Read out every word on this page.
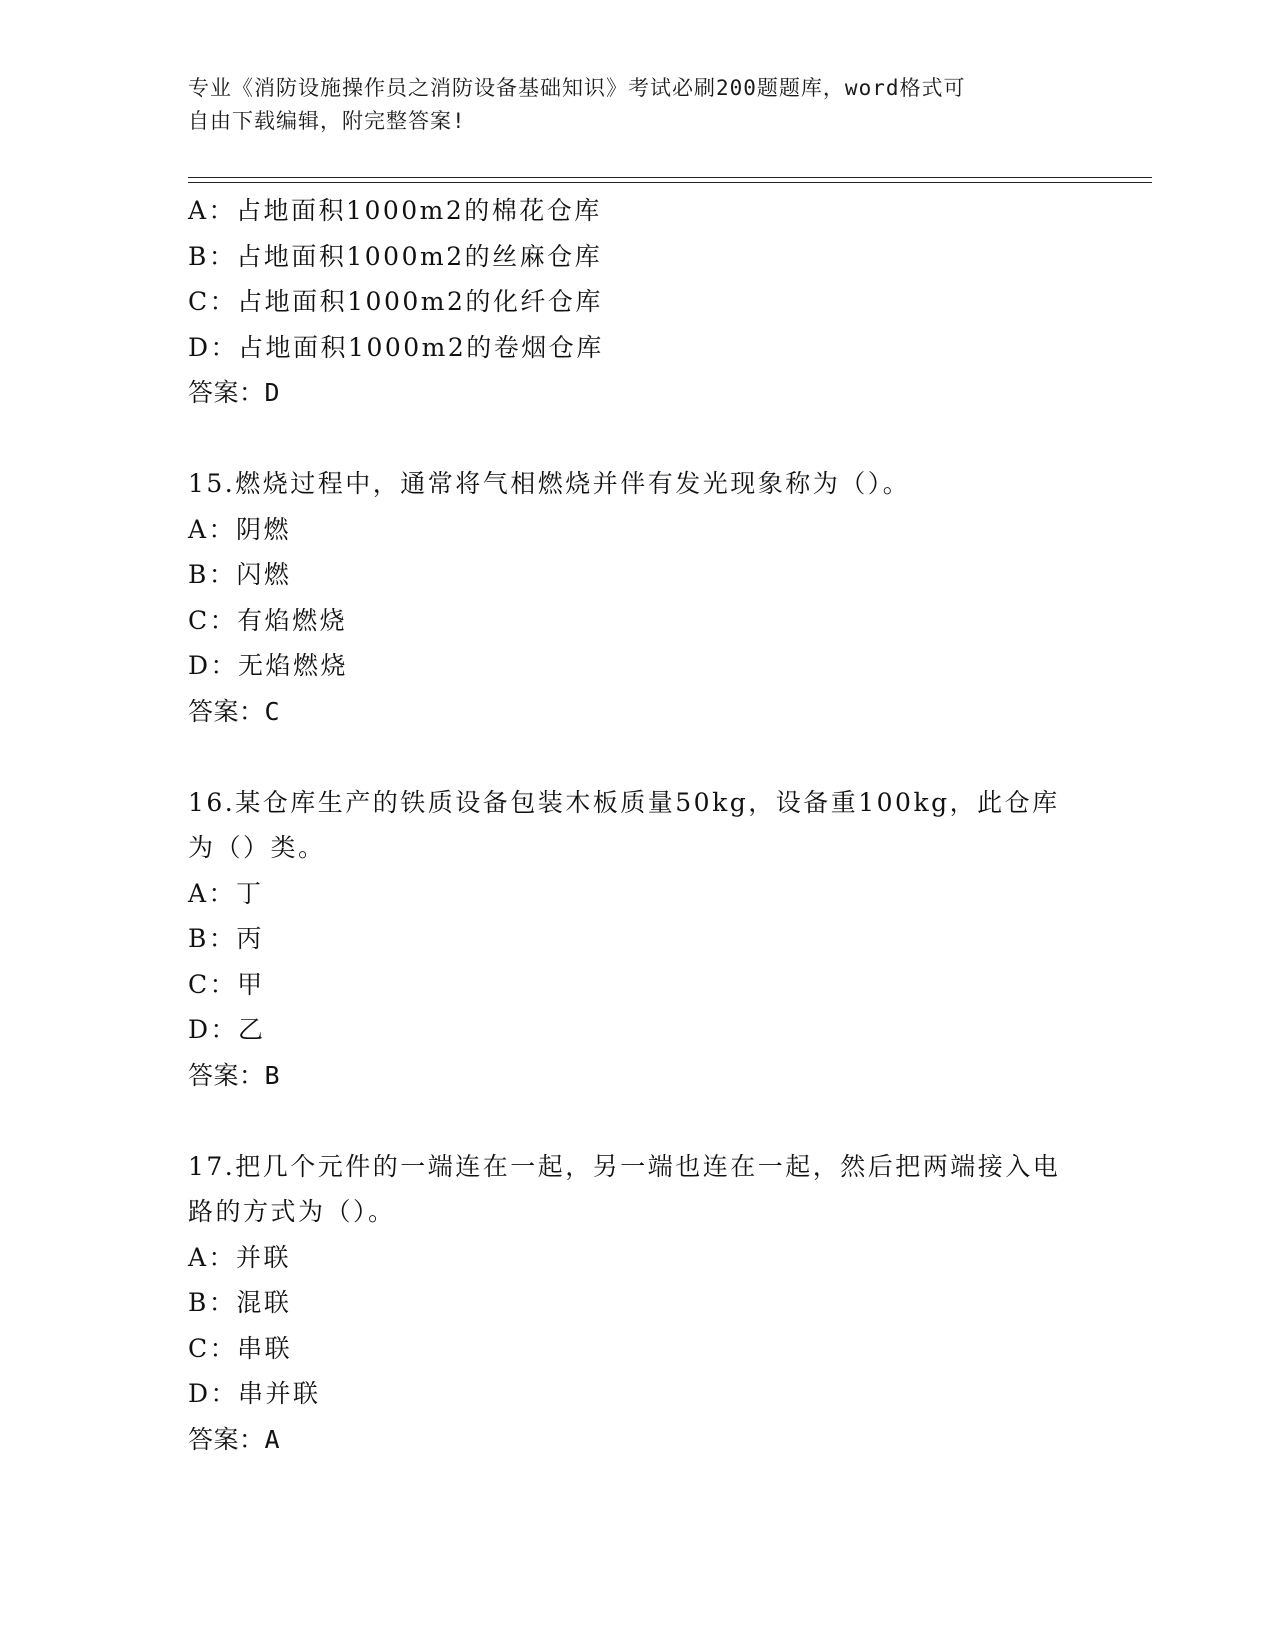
专业《消防设施操作员之消防设备基础知识》考试必刷200题题库，word格式可
自由下载编辑，附完整答案!
A：占地面积1000m2的棉花仓库
B：占地面积1000m2的丝麻仓库
C：占地面积1000m2的化纤仓库
D：占地面积1000m2的卷烟仓库
答案：D
15.燃烧过程中，通常将气相燃烧并伴有发光现象称为（）。
A：阴燃
B：闪燃
C：有焰燃烧
D：无焰燃烧
答案：C
16.某仓库生产的铁质设备包装木板质量50kg，设备重100kg，此仓库为（）类。
A：丁
B：丙
C：甲
D：乙
答案：B
17.把几个元件的一端连在一起，另一端也连在一起，然后把两端接入电路的方式为（）。
A：并联
B：混联
C：串联
D：串并联
答案：A
